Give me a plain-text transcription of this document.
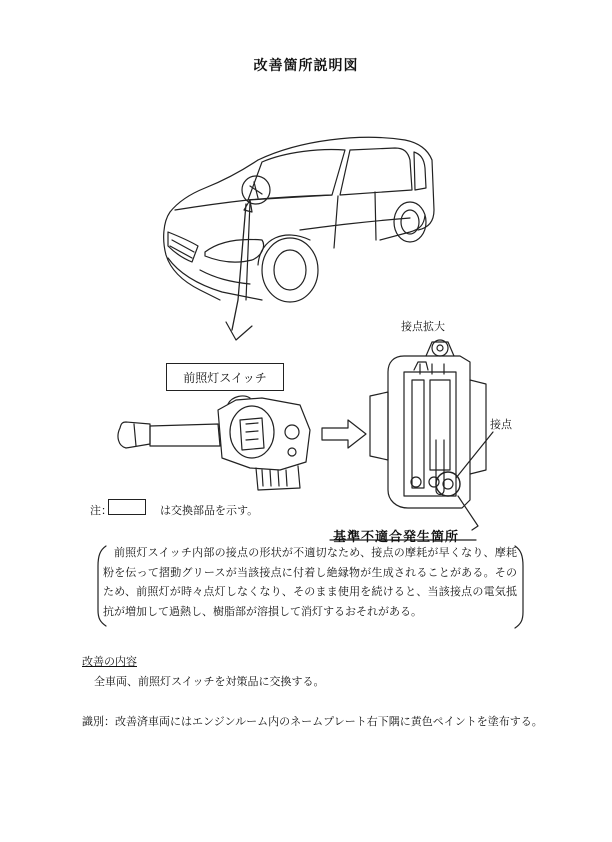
改善箇所説明図
前照灯スイッチ
接点拡大
接点
注：	は交換部品を示す。
基準不適合発生箇所
前照灯スイッチ内部の接点の形状が不適切なため、接点の摩耗が早くなり、摩耗粉を伝って摺動グリースが当該接点に付着し絶縁物が生成されることがある。そのため、前照灯が時々点灯しなくなり、そのまま使用を続けると、当該接点の電気抵抗が増加して過熱し、樹脂部が溶損して消灯するおそれがある。
改善の内容
全車両、前照灯スイッチを対策品に交換する。
識別：改善済車両にはエンジンルーム内のネームプレート右下隅に黄色ペイントを塗布する。
